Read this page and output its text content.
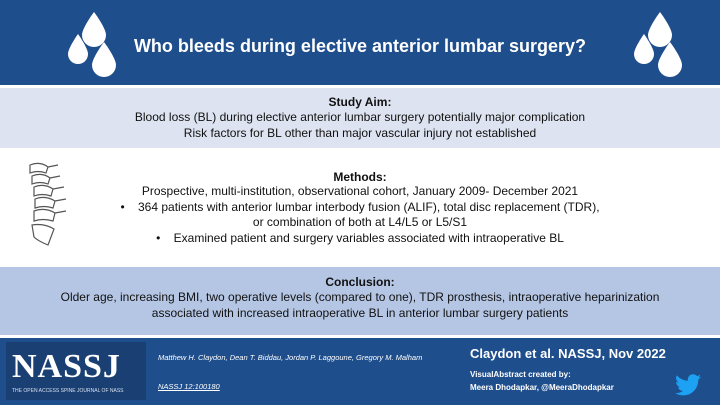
Who bleeds during elective anterior lumbar surgery?
Study Aim:
Blood loss (BL) during elective anterior lumbar surgery potentially major complication
Risk factors for BL other than major vascular injury not established
Methods:
Prospective, multi-institution, observational cohort, January 2009- December 2021
•    364 patients with anterior lumbar interbody fusion (ALIF), total disc replacement (TDR),
or combination of both at L4/L5 or L5/S1
•    Examined patient and surgery variables associated with intraoperative BL
Conclusion:
Older age, increasing BMI, two operative levels (compared to one), TDR prosthesis, intraoperative heparinization
associated with increased intraoperative BL in anterior lumbar surgery patients
NASSJ
THE OPEN ACCESS SPINE JOURNAL OF NASS
Matthew H. Claydon, Dean T. Biddau, Jordan P. Laggoune, Gregory M. Malham
NASSJ 12:100180
Claydon et al. NASSJ, Nov 2022
VisualAbstract created by:
Meera Dhodapkar, @MeeraDhodapkar
